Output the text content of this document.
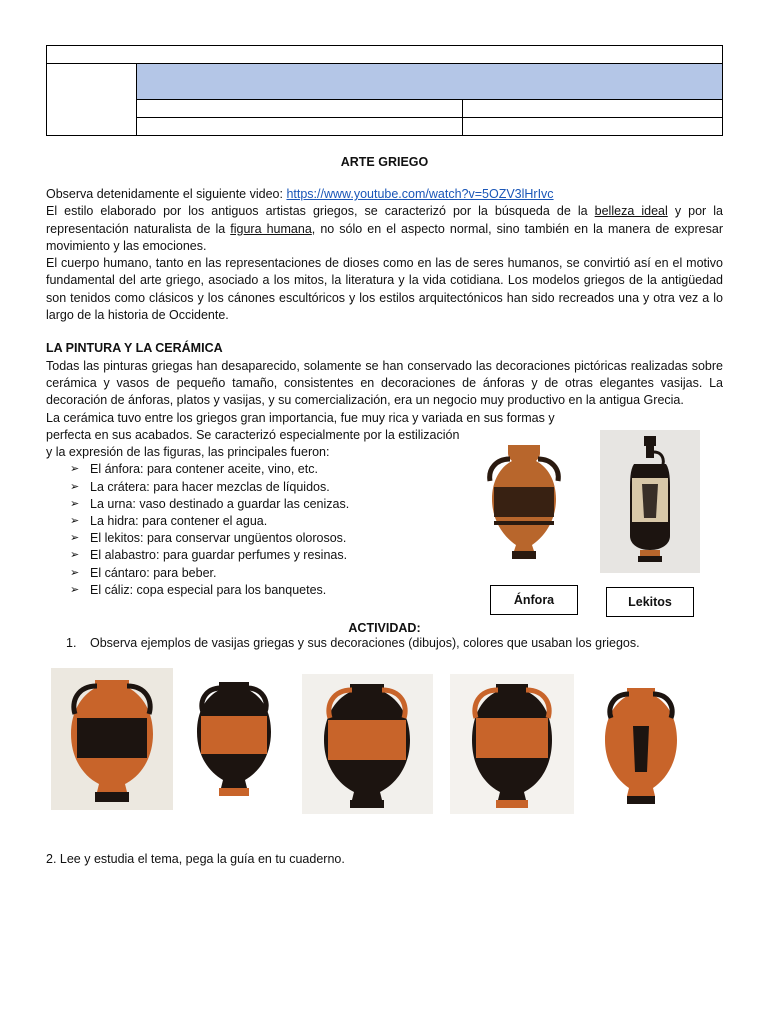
ARTE GRIEGO

Observa detenidamente el siguiente video: https://www.youtube.com/watch?v=5OZV3lHrIvc

El estilo elaborado por los antiguos artistas griegos, se caracterizó por la búsqueda de la belleza ideal y por la representación naturalista de la figura humana, no sólo en el aspecto normal, sino también en la manera de expresar movimiento y las emociones.

El cuerpo humano, tanto en las representaciones de dioses como en las de seres humanos, se convirtió así en el motivo fundamental del arte griego, asociado a los mitos, la literatura y la vida cotidiana. Los modelos griegos de la antigüedad son tenidos como clásicos y los cánones escultóricos y los estilos arquitectónicos han sido recreados una y otra vez a lo largo de la historia de Occidente.

LA PINTURA Y LA CERÁMICA

Todas las pinturas griegas han desaparecido, solamente se han conservado las decoraciones pictóricas realizadas sobre cerámica y vasos de pequeño tamaño, consistentes en decoraciones de ánforas y de otras elegantes vasijas. La decoración de ánforas, platos y vasijas, y su comercialización, era un negocio muy productivo en la antigua Grecia.

La cerámica tuvo entre los griegos gran importancia, fue muy rica y variada en sus formas y

perfecta en sus acabados. Se caracterizó especialmente por la estilización

y la expresión de las figuras, las principales fueron:

➢ El ánfora: para contener aceite, vino, etc.
➢ La crátera: para hacer mezclas de líquidos.
➢ La urna: vaso destinado a guardar las cenizas.
➢ La hidra: para contener el agua.
➢ El lekitos: para conservar ungüentos olorosos.
➢ El alabastro: para guardar perfumes y resinas.
➢ El cántaro: para beber.
➢ El cáliz: copa especial para los banquetes.
ACTIVIDAD:

1. Observa ejemplos de vasijas griegas y sus decoraciones (dibujos), colores que usaban los griegos.

Ánfora	Lekitos

2. Lee y estudia el tema, pega la guía en tu cuaderno.
